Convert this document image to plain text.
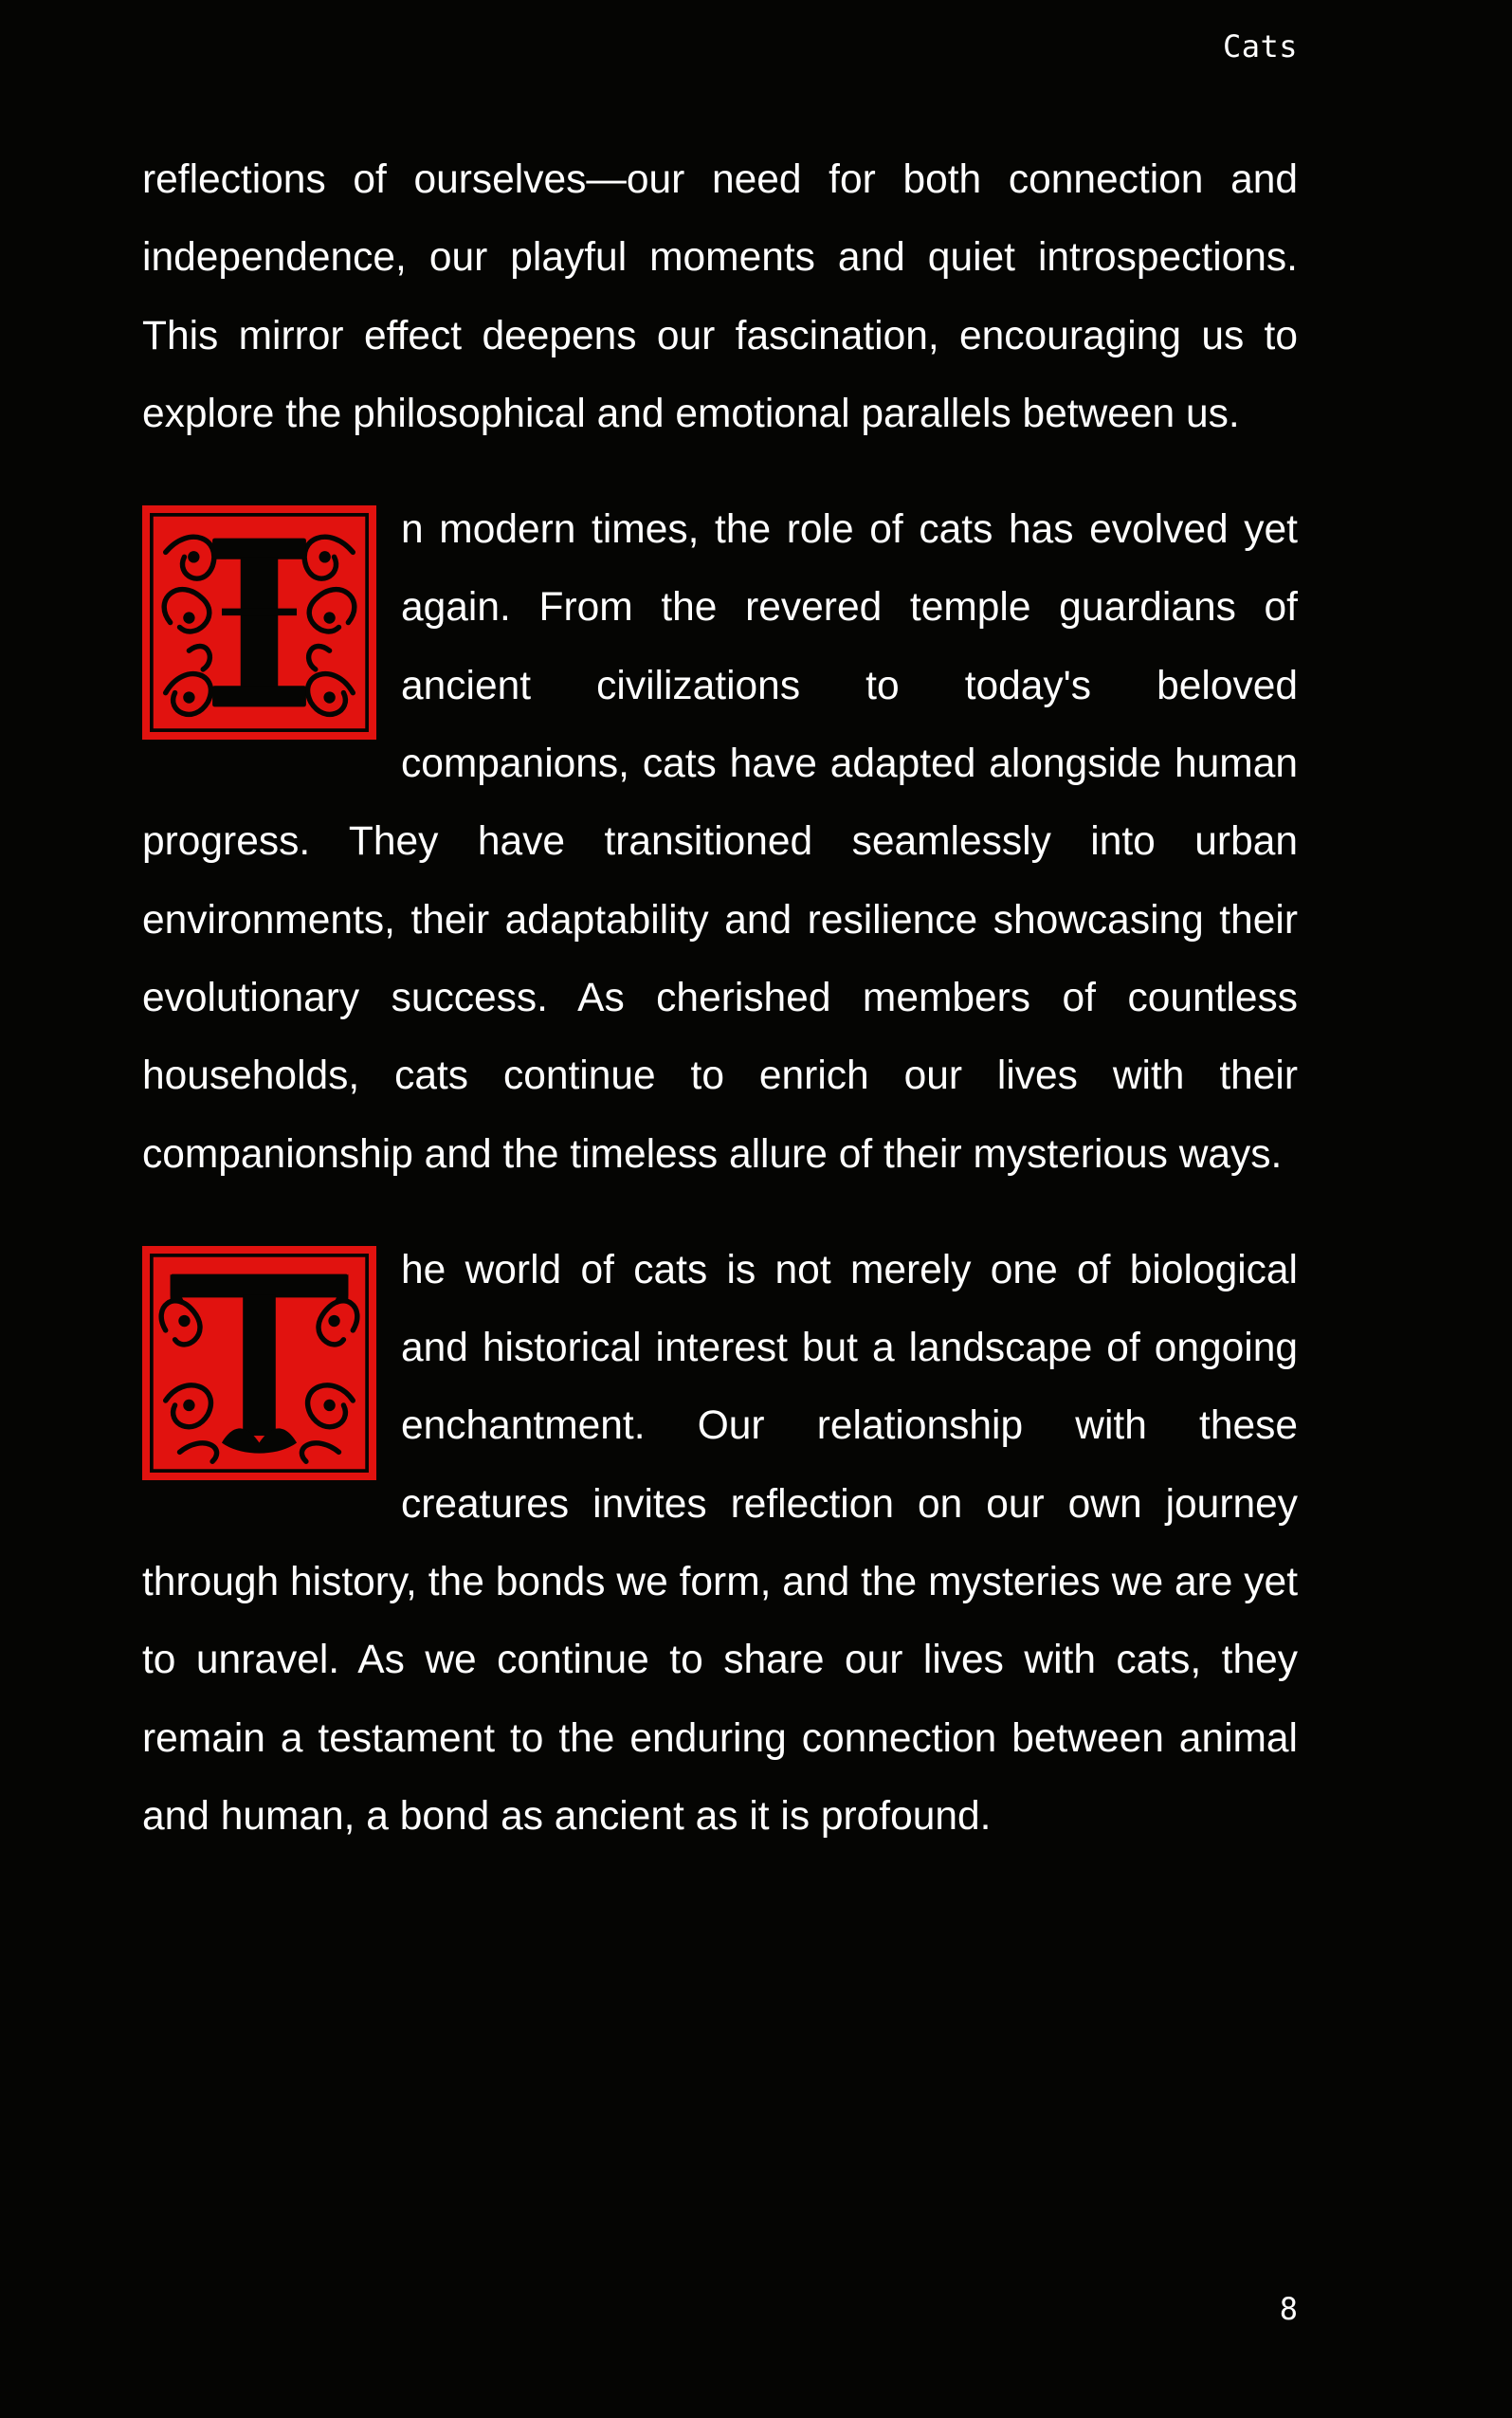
Cats

reflections of ourselves—our need for both connection and independence, our playful moments and quiet introspections. This mirror effect deepens our fascination, encouraging us to explore the philosophical and emotional parallels between us.

n modern times, the role of cats has evolved yet again. From the revered temple guardians of ancient civilizations to today's beloved companions, cats have adapted alongside human progress. They have transitioned seamlessly into urban environments, their adaptability and resilience showcasing their evolutionary success. As cherished members of countless households, cats continue to enrich our lives with their companionship and the timeless allure of their mysterious ways.

he world of cats is not merely one of biological and historical interest but a landscape of ongoing enchantment. Our relationship with these creatures invites reflection on our own journey through history, the bonds we form, and the mysteries we are yet to unravel. As we continue to share our lives with cats, they remain a testament to the enduring connection between animal and human, a bond as ancient as it is profound.

8
